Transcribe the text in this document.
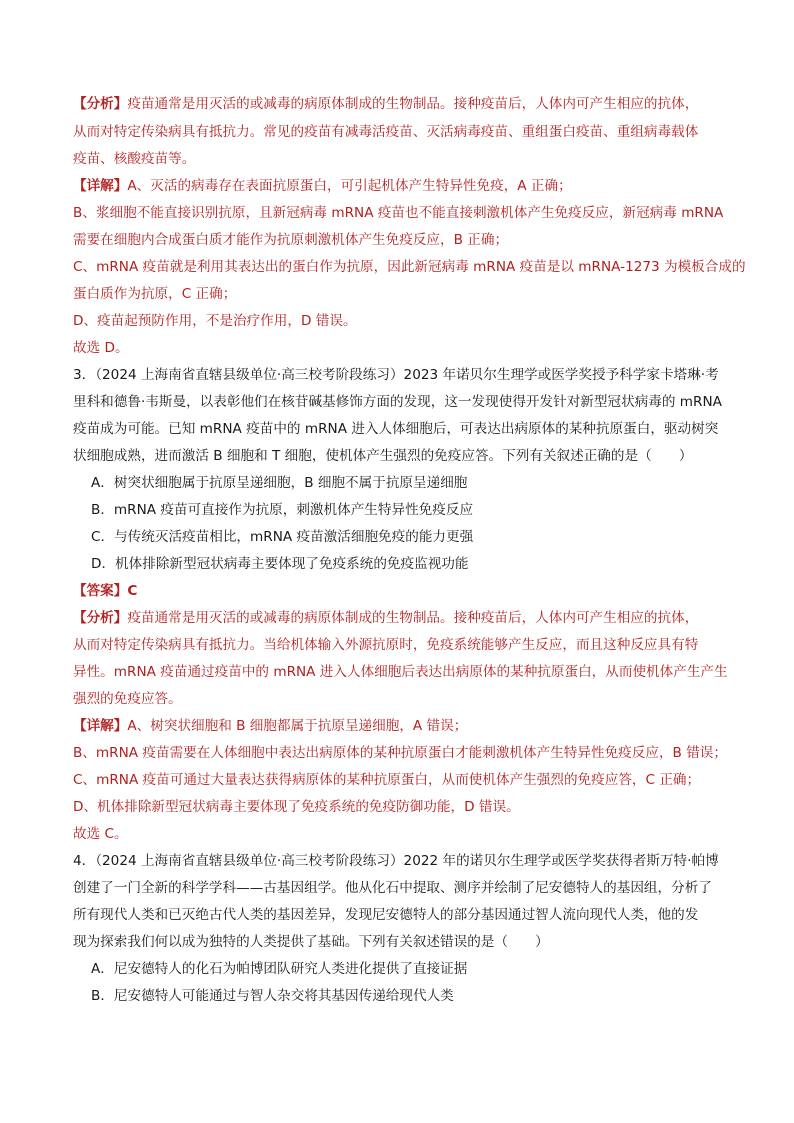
【分析】疫苗通常是用灭活的或减毒的病原体制成的生物制品。接种疫苗后，人体内可产生相应的抗体，
从而对特定传染病具有抵抗力。常见的疫苗有减毒活疫苗、灭活病毒疫苗、重组蛋白疫苗、重组病毒载体
疫苗、核酸疫苗等。
【详解】A、灭活的病毒存在表面抗原蛋白，可引起机体产生特异性免疫，A 正确；
B、浆细胞不能直接识别抗原，且新冠病毒 mRNA 疫苗也不能直接刺激机体产生免疫反应，新冠病毒 mRNA
需要在细胞内合成蛋白质才能作为抗原刺激机体产生免疫反应，B 正确；
C、mRNA 疫苗就是利用其表达出的蛋白作为抗原，因此新冠病毒 mRNA 疫苗是以 mRNA-1273 为模板合成的
蛋白质作为抗原，C 正确；
D、疫苗起预防作用，不是治疗作用，D 错误。
故选 D。
3．（2024 上海南省直辖县级单位·高三校考阶段练习）2023 年诺贝尔生理学或医学奖授予科学家卡塔琳·考
里科和德鲁·韦斯曼，以表彰他们在核苷碱基修饰方面的发现，这一发现使得开发针对新型冠状病毒的 mRNA
疫苗成为可能。已知 mRNA 疫苗中的 mRNA 进入人体细胞后，可表达出病原体的某种抗原蛋白，驱动树突
状细胞成熟，进而激活 B 细胞和 T 细胞，使机体产生强烈的免疫应答。下列有关叙述正确的是（　　）
A．树突状细胞属于抗原呈递细胞，B 细胞不属于抗原呈递细胞
B．mRNA 疫苗可直接作为抗原，刺激机体产生特异性免疫反应
C．与传统灭活疫苗相比，mRNA 疫苗激活细胞免疫的能力更强
D．机体排除新型冠状病毒主要体现了免疫系统的免疫监视功能
【答案】C
【分析】疫苗通常是用灭活的或减毒的病原体制成的生物制品。接种疫苗后，人体内可产生相应的抗体，
从而对特定传染病具有抵抗力。当给机体输入外源抗原时，免疫系统能够产生反应，而且这种反应具有特
异性。mRNA 疫苗通过疫苗中的 mRNA 进入人体细胞后表达出病原体的某种抗原蛋白，从而使机体产生产生
强烈的免疫应答。
【详解】A、树突状细胞和 B 细胞都属于抗原呈递细胞，A 错误；
B、mRNA 疫苗需要在人体细胞中表达出病原体的某种抗原蛋白才能刺激机体产生特异性免疫反应，B 错误；
C、mRNA 疫苗可通过大量表达获得病原体的某种抗原蛋白，从而使机体产生强烈的免疫应答，C 正确；
D、机体排除新型冠状病毒主要体现了免疫系统的免疫防御功能，D 错误。
故选 C。
4．（2024 上海南省直辖县级单位·高三校考阶段练习）2022 年的诺贝尔生理学或医学奖获得者斯万特·帕博
创建了一门全新的科学学科——古基因组学。他从化石中提取、测序并绘制了尼安德特人的基因组，分析了
所有现代人类和已灭绝古代人类的基因差异，发现尼安德特人的部分基因通过智人流向现代人类，他的发
现为探索我们何以成为独特的人类提供了基础。下列有关叙述错误的是（　　）
A．尼安德特人的化石为帕博团队研究人类进化提供了直接证据
B．尼安德特人可能通过与智人杂交将其基因传递给现代人类
